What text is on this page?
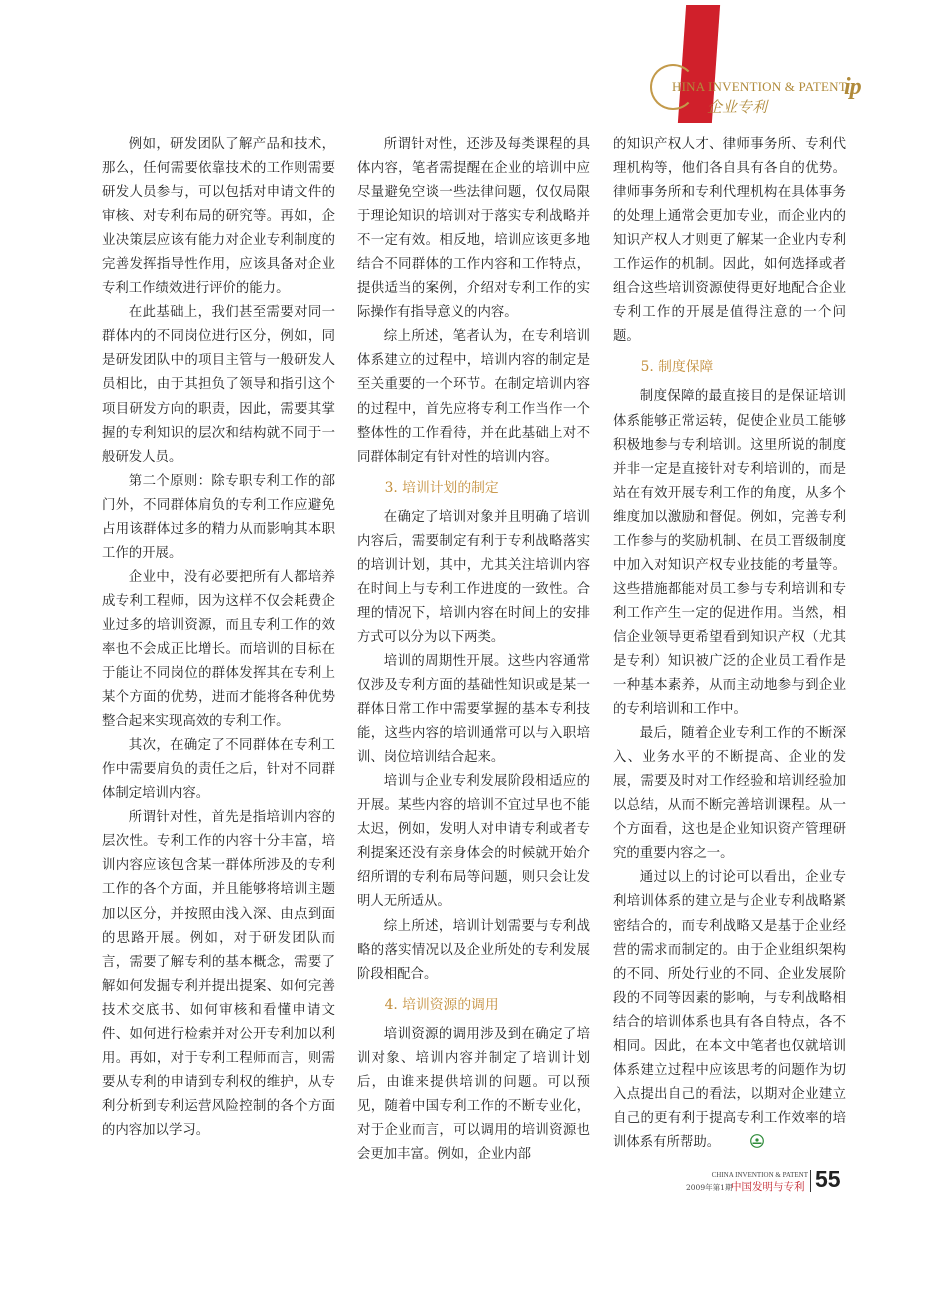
HINA INVENTION & PATENT
ip
企业专利

例如，研发团队了解产品和技术，那么，任何需要依靠技术的工作则需要研发人员参与，可以包括对申请文件的审核、对专利布局的研究等。再如，企业决策层应该有能力对企业专利制度的完善发挥指导性作用，应该具备对企业专利工作绩效进行评价的能力。

在此基础上，我们甚至需要对同一群体内的不同岗位进行区分，例如，同是研发团队中的项目主管与一般研发人员相比，由于其担负了领导和指引这个项目研发方向的职责，因此，需要其掌握的专利知识的层次和结构就不同于一般研发人员。

第二个原则：除专职专利工作的部门外，不同群体肩负的专利工作应避免占用该群体过多的精力从而影响其本职工作的开展。

企业中，没有必要把所有人都培养成专利工程师，因为这样不仅会耗费企业过多的培训资源，而且专利工作的效率也不会成正比增长。而培训的目标在于能让不同岗位的群体发挥其在专利上某个方面的优势，进而才能将各种优势整合起来实现高效的专利工作。

其次，在确定了不同群体在专利工作中需要肩负的责任之后，针对不同群体制定培训内容。

所谓针对性，首先是指培训内容的层次性。专利工作的内容十分丰富，培训内容应该包含某一群体所涉及的专利工作的各个方面，并且能够将培训主题加以区分，并按照由浅入深、由点到面的思路开展。例如，对于研发团队而言，需要了解专利的基本概念，需要了解如何发掘专利并提出提案、如何完善技术交底书、如何审核和看懂申请文件、如何进行检索并对公开专利加以利用。再如，对于专利工程师而言，则需要从专利的申请到专利权的维护，从专利分析到专利运营风险控制的各个方面的内容加以学习。

所谓针对性，还涉及每类课程的具体内容，笔者需提醒在企业的培训中应尽量避免空谈一些法律问题，仅仅局限于理论知识的培训对于落实专利战略并不一定有效。相反地，培训应该更多地结合不同群体的工作内容和工作特点，提供适当的案例，介绍对专利工作的实际操作有指导意义的内容。

综上所述，笔者认为，在专利培训体系建立的过程中，培训内容的制定是至关重要的一个环节。在制定培训内容的过程中，首先应将专利工作当作一个整体性的工作看待，并在此基础上对不同群体制定有针对性的培训内容。

3. 培训计划的制定

在确定了培训对象并且明确了培训内容后，需要制定有利于专利战略落实的培训计划，其中，尤其关注培训内容在时间上与专利工作进度的一致性。合理的情况下，培训内容在时间上的安排方式可以分为以下两类。

培训的周期性开展。这些内容通常仅涉及专利方面的基础性知识或是某一群体日常工作中需要掌握的基本专利技能，这些内容的培训通常可以与入职培训、岗位培训结合起来。

培训与企业专利发展阶段相适应的开展。某些内容的培训不宜过早也不能太迟，例如，发明人对申请专利或者专利提案还没有亲身体会的时候就开始介绍所谓的专利布局等问题，则只会让发明人无所适从。

综上所述，培训计划需要与专利战略的落实情况以及企业所处的专利发展阶段相配合。

4. 培训资源的调用

培训资源的调用涉及到在确定了培训对象、培训内容并制定了培训计划后，由谁来提供培训的问题。可以预见，随着中国专利工作的不断专业化，对于企业而言，可以调用的培训资源也会更加丰富。例如，企业内部

的知识产权人才、律师事务所、专利代理机构等，他们各自具有各自的优势。律师事务所和专利代理机构在具体事务的处理上通常会更加专业，而企业内的知识产权人才则更了解某一企业内专利工作运作的机制。因此，如何选择或者组合这些培训资源使得更好地配合企业专利工作的开展是值得注意的一个问题。

5. 制度保障

制度保障的最直接目的是保证培训体系能够正常运转，促使企业员工能够积极地参与专利培训。这里所说的制度并非一定是直接针对专利培训的，而是站在有效开展专利工作的角度，从多个维度加以激励和督促。例如，完善专利工作参与的奖励机制、在员工晋级制度中加入对知识产权专业技能的考量等。这些措施都能对员工参与专利培训和专利工作产生一定的促进作用。当然，相信企业领导更希望看到知识产权（尤其是专利）知识被广泛的企业员工看作是一种基本素养，从而主动地参与到企业的专利培训和工作中。

最后，随着企业专利工作的不断深入、业务水平的不断提高、企业的发展，需要及时对工作经验和培训经验加以总结，从而不断完善培训课程。从一个方面看，这也是企业知识资产管理研究的重要内容之一。

通过以上的讨论可以看出，企业专利培训体系的建立是与企业专利战略紧密结合的，而专利战略又是基于企业经营的需求而制定的。由于企业组织架构的不同、所处行业的不同、企业发展阶段的不同等因素的影响，与专利战略相结合的培训体系也具有各自特点，各不相同。因此，在本文中笔者也仅就培训体系建立过程中应该思考的问题作为切入点提出自己的看法，以期对企业建立自己的更有利于提高专利工作效率的培训体系有所帮助。

CHINA INVENTION & PATENT
2009年第1期
中国发明与专利 55
